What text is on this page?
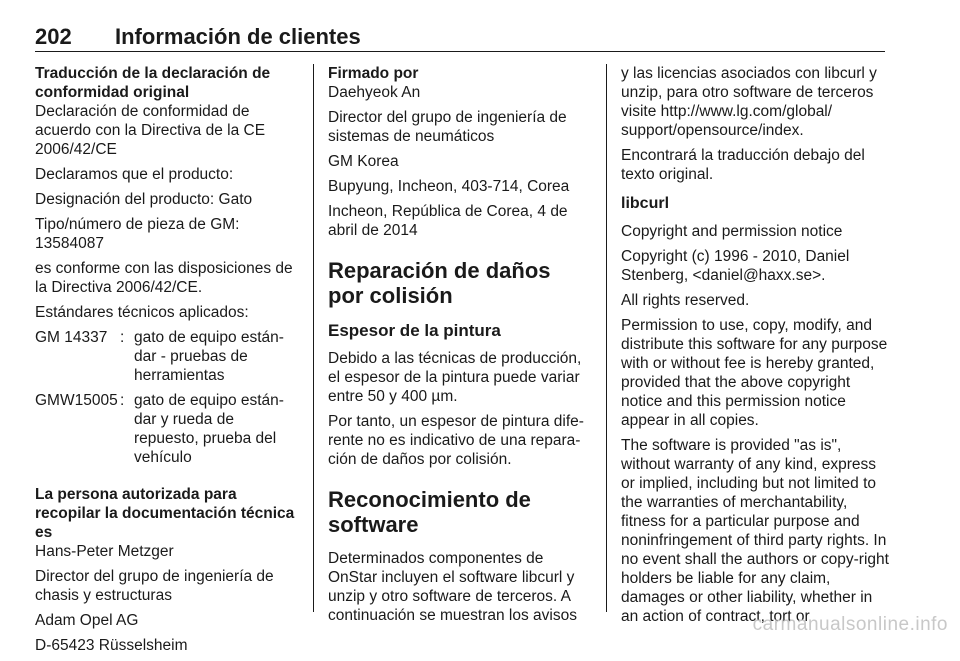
202 Información de clientes

Traducción de la declaración de conformidad original

Declaración de conformidad de acuerdo con la Directiva de la CE 2006/42/CE

Declaramos que el producto:

Designación del producto: Gato

Tipo/número de pieza de GM: 13584087

es conforme con las disposiciones de la Directiva 2006/42/CE.

Estándares técnicos aplicados:

GM 14337	:	gato de equipo están-dar - pruebas de herramientas
GMW15005	:	gato de equipo están-dar y rueda de repuesto, prueba del vehículo

La persona autorizada para recopilar la documentación técnica es

Hans-Peter Metzger

Director del grupo de ingeniería de chasis y estructuras

Adam Opel AG

D-65423 Rüsselsheim

Firmado por

Daehyeok An

Director del grupo de ingeniería de sistemas de neumáticos

GM Korea

Bupyung, Incheon, 403-714, Corea

Incheon, República de Corea, 4 de abril de 2014

Reparación de daños por colisión
Espesor de la pintura

Debido a las técnicas de producción, el espesor de la pintura puede variar entre 50 y 400 µm.

Por tanto, un espesor de pintura dife-rente no es indicativo de una repara-ción de daños por colisión.

Reconocimiento de software

Determinados componentes de OnStar incluyen el software libcurl y unzip y otro software de terceros. A continuación se muestran los avisos

y las licencias asociados con libcurl y unzip, para otro software de terceros visite http://www.lg.com/global/ support/opensource/index.

Encontrará la traducción debajo del texto original.

libcurl

Copyright and permission notice

Copyright (c) 1996 - 2010, Daniel Stenberg, <daniel@haxx.se>.

All rights reserved.

Permission to use, copy, modify, and distribute this software for any purpose with or without fee is hereby granted, provided that the above copyright notice and this permission notice appear in all copies.

The software is provided "as is", without warranty of any kind, express or implied, including but not limited to the warranties of merchantability, fitness for a particular purpose and noninfringement of third party rights. In no event shall the authors or copy-right holders be liable for any claim, damages or other liability, whether in an action of contract, tort or

carmanualsonline.info
